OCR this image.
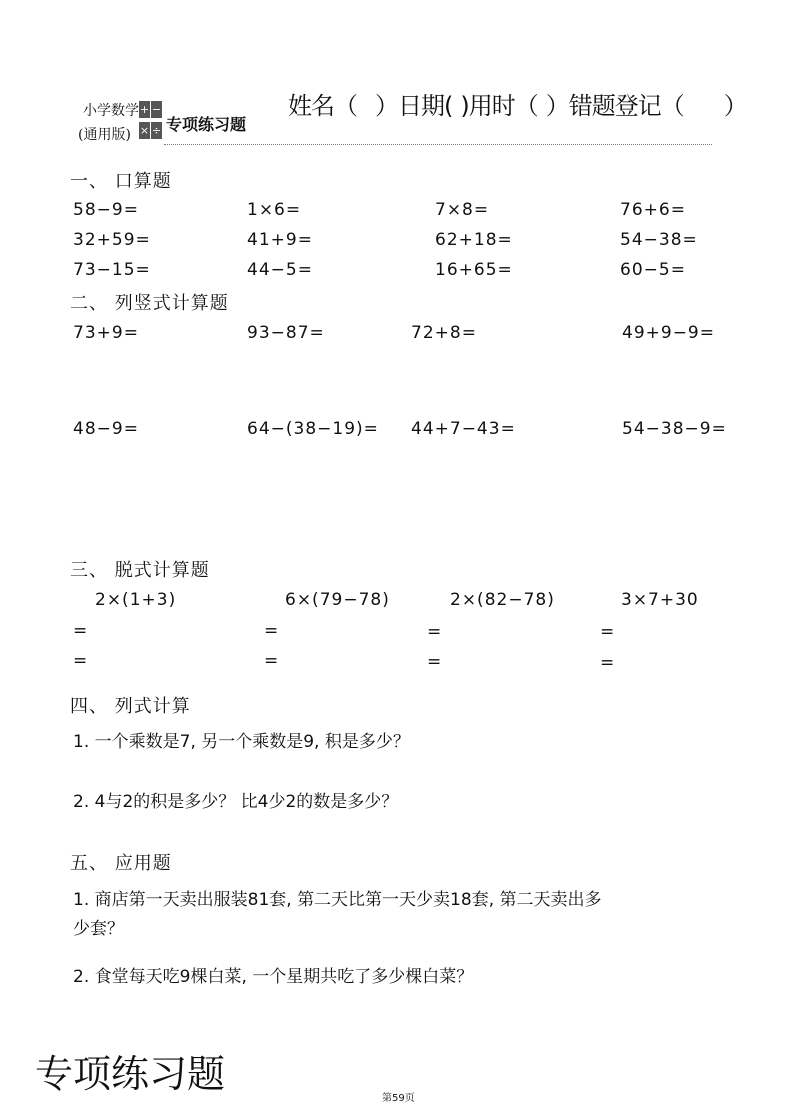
小学数学
(通用版)
+ −
× ÷ 专项练习题
姓名（ ）日期( )用时（ ）错题登记（ ）
一、 口算题
58−9=	1×6=	7×8=	76+6=
32+59=	41+9=	62+18=	54−38=
73−15=	44−5=	16+65=	60−5=
二、 列竖式计算题
73+9=	93−87=	72+8=	49+9−9=
48−9=	64−(38−19)= 44+7−43=	54−38−9=
三、 脱式计算题
2×(1+3)	6×(79−78)	2×(82−78)	3×7+30
=	=	=	=
=	=	=	=
四、 列式计算
1. 一个乘数是7, 另一个乘数是9, 积是多少？
2. 4与2的积是多少？ 比4少2的数是多少？
五、 应用题
1. 商店第一天卖出服装81套, 第二天比第一天少卖18套, 第二天卖出多
少套？
2. 食堂每天吃9棵白菜, 一个星期共吃了多少棵白菜？
专项练习题
第59页
